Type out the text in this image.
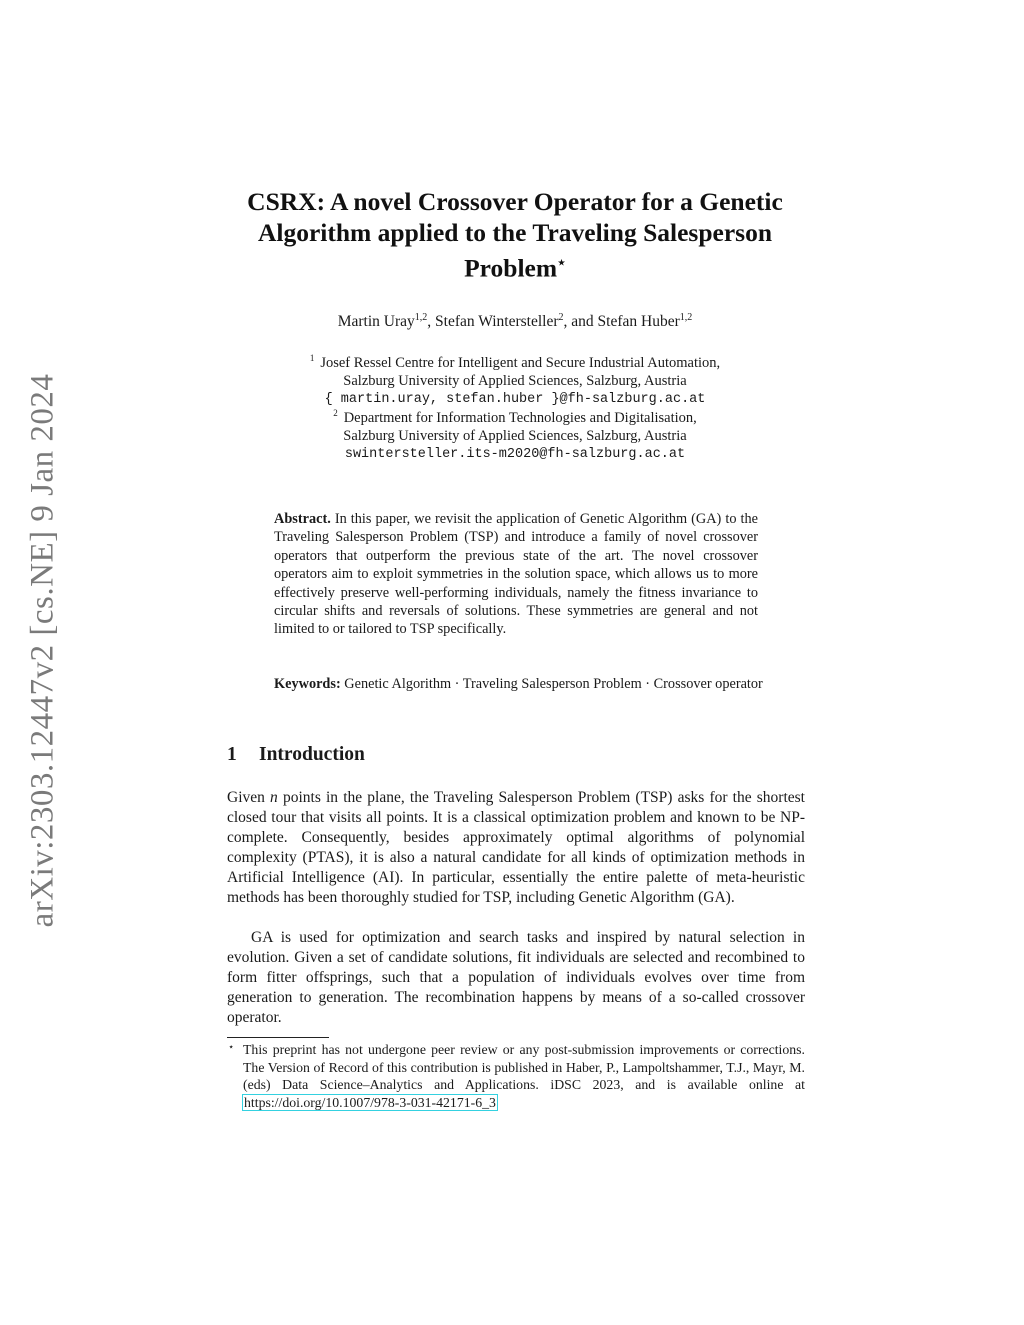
arXiv:2303.12447v2 [cs.NE] 9 Jan 2024
CSRX: A novel Crossover Operator for a Genetic Algorithm applied to the Traveling Salesperson Problem⋆
Martin Uray$^{1,2}$, Stefan Wintersteller$^2$, and Stefan Huber$^{1,2}$
$^1$ Josef Ressel Centre for Intelligent and Secure Industrial Automation,
Salzburg University of Applied Sciences, Salzburg, Austria
{ martin.uray, stefan.huber }@fh-salzburg.ac.at
$^2$ Department for Information Technologies and Digitalisation,
Salzburg University of Applied Sciences, Salzburg, Austria
swintersteller.its-m2020@fh-salzburg.ac.at
Abstract. In this paper, we revisit the application of Genetic Algorithm (GA) to the Traveling Salesperson Problem (TSP) and introduce a family of novel crossover operators that outperform the previous state of the art. The novel crossover operators aim to exploit symmetries in the solution space, which allows us to more effectively preserve well-performing individuals, namely the fitness invariance to circular shifts and reversals of solutions. These symmetries are general and not limited to or tailored to TSP specifically.
Keywords: Genetic Algorithm · Traveling Salesperson Problem · Crossover operator
1 Introduction
Given n points in the plane, the Traveling Salesperson Problem (TSP) asks for the shortest closed tour that visits all points. It is a classical optimization problem and known to be NP-complete. Consequently, besides approximately optimal algorithms of polynomial complexity (PTAS), it is also a natural candidate for all kinds of optimization methods in Artificial Intelligence (AI). In particular, essentially the entire palette of meta-heuristic methods has been thoroughly studied for TSP, including Genetic Algorithm (GA).
GA is used for optimization and search tasks and inspired by natural selection in evolution. Given a set of candidate solutions, fit individuals are selected and recombined to form fitter offsprings, such that a population of individuals evolves over time from generation to generation. The recombination happens by means of a so-called crossover operator.
⋆ This preprint has not undergone peer review or any post-submission improvements or corrections. The Version of Record of this contribution is published in Haber, P., Lampoltshammer, T.J., Mayr, M. (eds) Data Science–Analytics and Applications. iDSC 2023, and is available online at https://doi.org/10.1007/978-3-031-42171-6_3
